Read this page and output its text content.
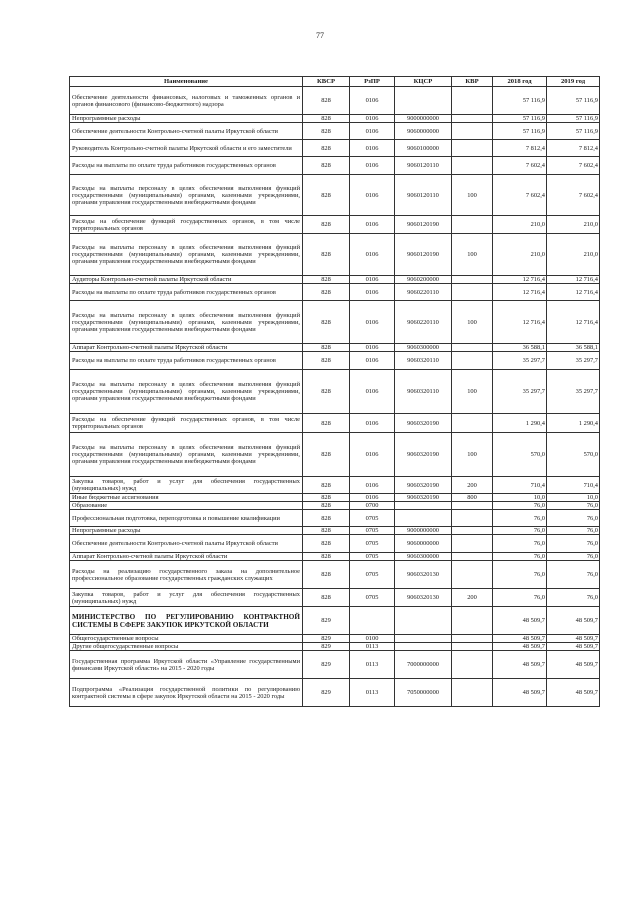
77
Наименование	КВСР	РзПР	КЦСР	КВР	2018 год	2019 год
Обеспечение деятельности финансовых, налоговых и таможенных органов и органов финансового (финансово-бюджетного) надзора	828	0106			57 116,9	57 116,9
Непрограммные расходы	828	0106	9000000000		57 116,9	57 116,9
Обеспечение деятельности Контрольно-счетной палаты Иркутской области	828	0106	9060000000		57 116,9	57 116,9
Руководитель Контрольно-счетной палаты Иркутской области и его заместители	828	0106	9060100000		7 812,4	7 812,4
Расходы на выплаты по оплате труда работников государственных органов	828	0106	9060120110		7 602,4	7 602,4
Расходы на выплаты персоналу в целях обеспечения выполнения функций государственными (муниципальными) органами, казенными учреждениями, органами управления государственными внебюджетными фондами	828	0106	9060120110	100	7 602,4	7 602,4
Расходы на обеспечение функций государственных органов, в том числе территориальных органов	828	0106	9060120190		210,0	210,0
Расходы на выплаты персоналу в целях обеспечения выполнения функций государственными (муниципальными) органами, казенными учреждениями, органами управления государственными внебюджетными фондами	828	0106	9060120190	100	210,0	210,0
Аудиторы Контрольно-счетной палаты Иркутской области	828	0106	9060200000		12 716,4	12 716,4
Расходы на выплаты по оплате труда работников государственных органов	828	0106	9060220110		12 716,4	12 716,4
Расходы на выплаты персоналу в целях обеспечения выполнения функций государственными (муниципальными) органами, казенными учреждениями, органами управления государственными внебюджетными фондами	828	0106	9060220110	100	12 716,4	12 716,4
Аппарат Контрольно-счетной палаты Иркутской области	828	0106	9060300000		36 588,1	36 588,1
Расходы на выплаты по оплате труда работников государственных органов	828	0106	9060320110		35 297,7	35 297,7
Расходы на выплаты персоналу в целях обеспечения выполнения функций государственными (муниципальными) органами, казенными учреждениями, органами управления государственными внебюджетными фондами	828	0106	9060320110	100	35 297,7	35 297,7
Расходы на обеспечение функций государственных органов, в том числе территориальных органов	828	0106	9060320190		1 290,4	1 290,4
Расходы на выплаты персоналу в целях обеспечения выполнения функций государственными (муниципальными) органами, казенными учреждениями, органами управления государственными внебюджетными фондами	828	0106	9060320190	100	570,0	570,0
Закупка товаров, работ и услуг для обеспечения государственных (муниципальных) нужд	828	0106	9060320190	200	710,4	710,4
Иные бюджетные ассигнования	828	0106	9060320190	800	10,0	10,0
Образование	828	0700			76,0	76,0
Профессиональная подготовка, переподготовка и повышение квалификации	828	0705			76,0	76,0
Непрограммные расходы	828	0705	9000000000		76,0	76,0
Обеспечение деятельности Контрольно-счетной палаты Иркутской области	828	0705	9060000000		76,0	76,0
Аппарат Контрольно-счетной палаты Иркутской области	828	0705	9060300000		76,0	76,0
Расходы на реализацию государственного заказа на дополнительное профессиональное образование государственных гражданских служащих	828	0705	9060320130		76,0	76,0
Закупка товаров, работ и услуг для обеспечения государственных (муниципальных) нужд	828	0705	9060320130	200	76,0	76,0
МИНИСТЕРСТВО ПО РЕГУЛИРОВАНИЮ КОНТРАКТНОЙ СИСТЕМЫ В СФЕРЕ ЗАКУПОК ИРКУТСКОЙ ОБЛАСТИ	829				48 509,7	48 509,7
Общегосударственные вопросы	829	0100			48 509,7	48 509,7
Другие общегосударственные вопросы	829	0113			48 509,7	48 509,7
Государственная программа Иркутской области «Управление государственными финансами Иркутской области» на 2015 - 2020 годы	829	0113	7000000000		48 509,7	48 509,7
Подпрограмма «Реализация государственной политики по регулированию контрактной системы в сфере закупок Иркутской области на 2015 - 2020 годы	829	0113	7050000000		48 509,7	48 509,7
